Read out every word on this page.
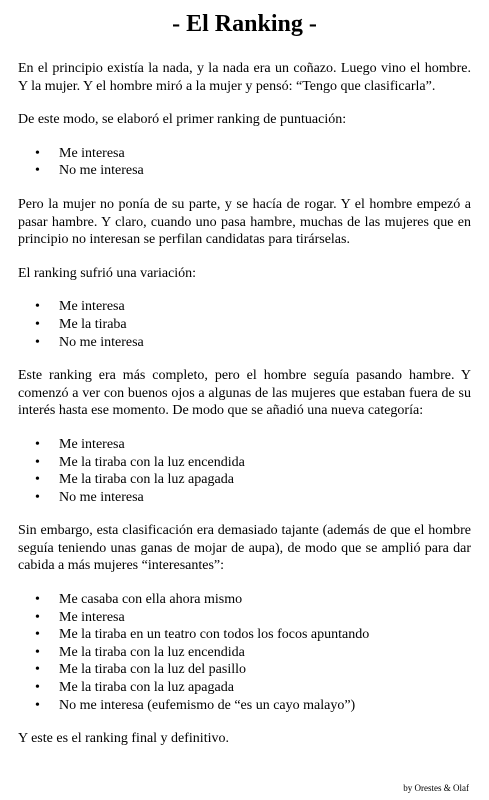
- El Ranking -

En el principio existía la nada, y la nada era un coñazo. Luego vino el hombre. Y la mujer. Y el hombre miró a la mujer y pensó: “Tengo que clasificarla”.

De este modo, se elaboró el primer ranking de puntuación:

• Me interesa
• No me interesa

Pero la mujer no ponía de su parte, y se hacía de rogar. Y el hombre empezó a pasar hambre. Y claro, cuando uno pasa hambre, muchas de las mujeres que en principio no interesan se perfilan candidatas para tirárselas.

El ranking sufrió una variación:

• Me interesa
• Me la tiraba
• No me interesa

Este ranking era más completo, pero el hombre seguía pasando hambre. Y comenzó a ver con buenos ojos a algunas de las mujeres que estaban fuera de su interés hasta ese momento. De modo que se añadió una nueva categoría:

• Me interesa
• Me la tiraba con la luz encendida
• Me la tiraba con la luz apagada
• No me interesa

Sin embargo, esta clasificación era demasiado tajante (además de que el hombre seguía teniendo unas ganas de mojar de aupa), de modo que se amplió para dar cabida a más mujeres “interesantes”:

• Me casaba con ella ahora mismo
• Me interesa
• Me la tiraba en un teatro con todos los focos apuntando
• Me la tiraba con la luz encendida
• Me la tiraba con la luz del pasillo
• Me la tiraba con la luz apagada
• No me interesa (eufemismo de “es un cayo malayo”)

Y este es el ranking final y definitivo.

by Orestes & Olaf
